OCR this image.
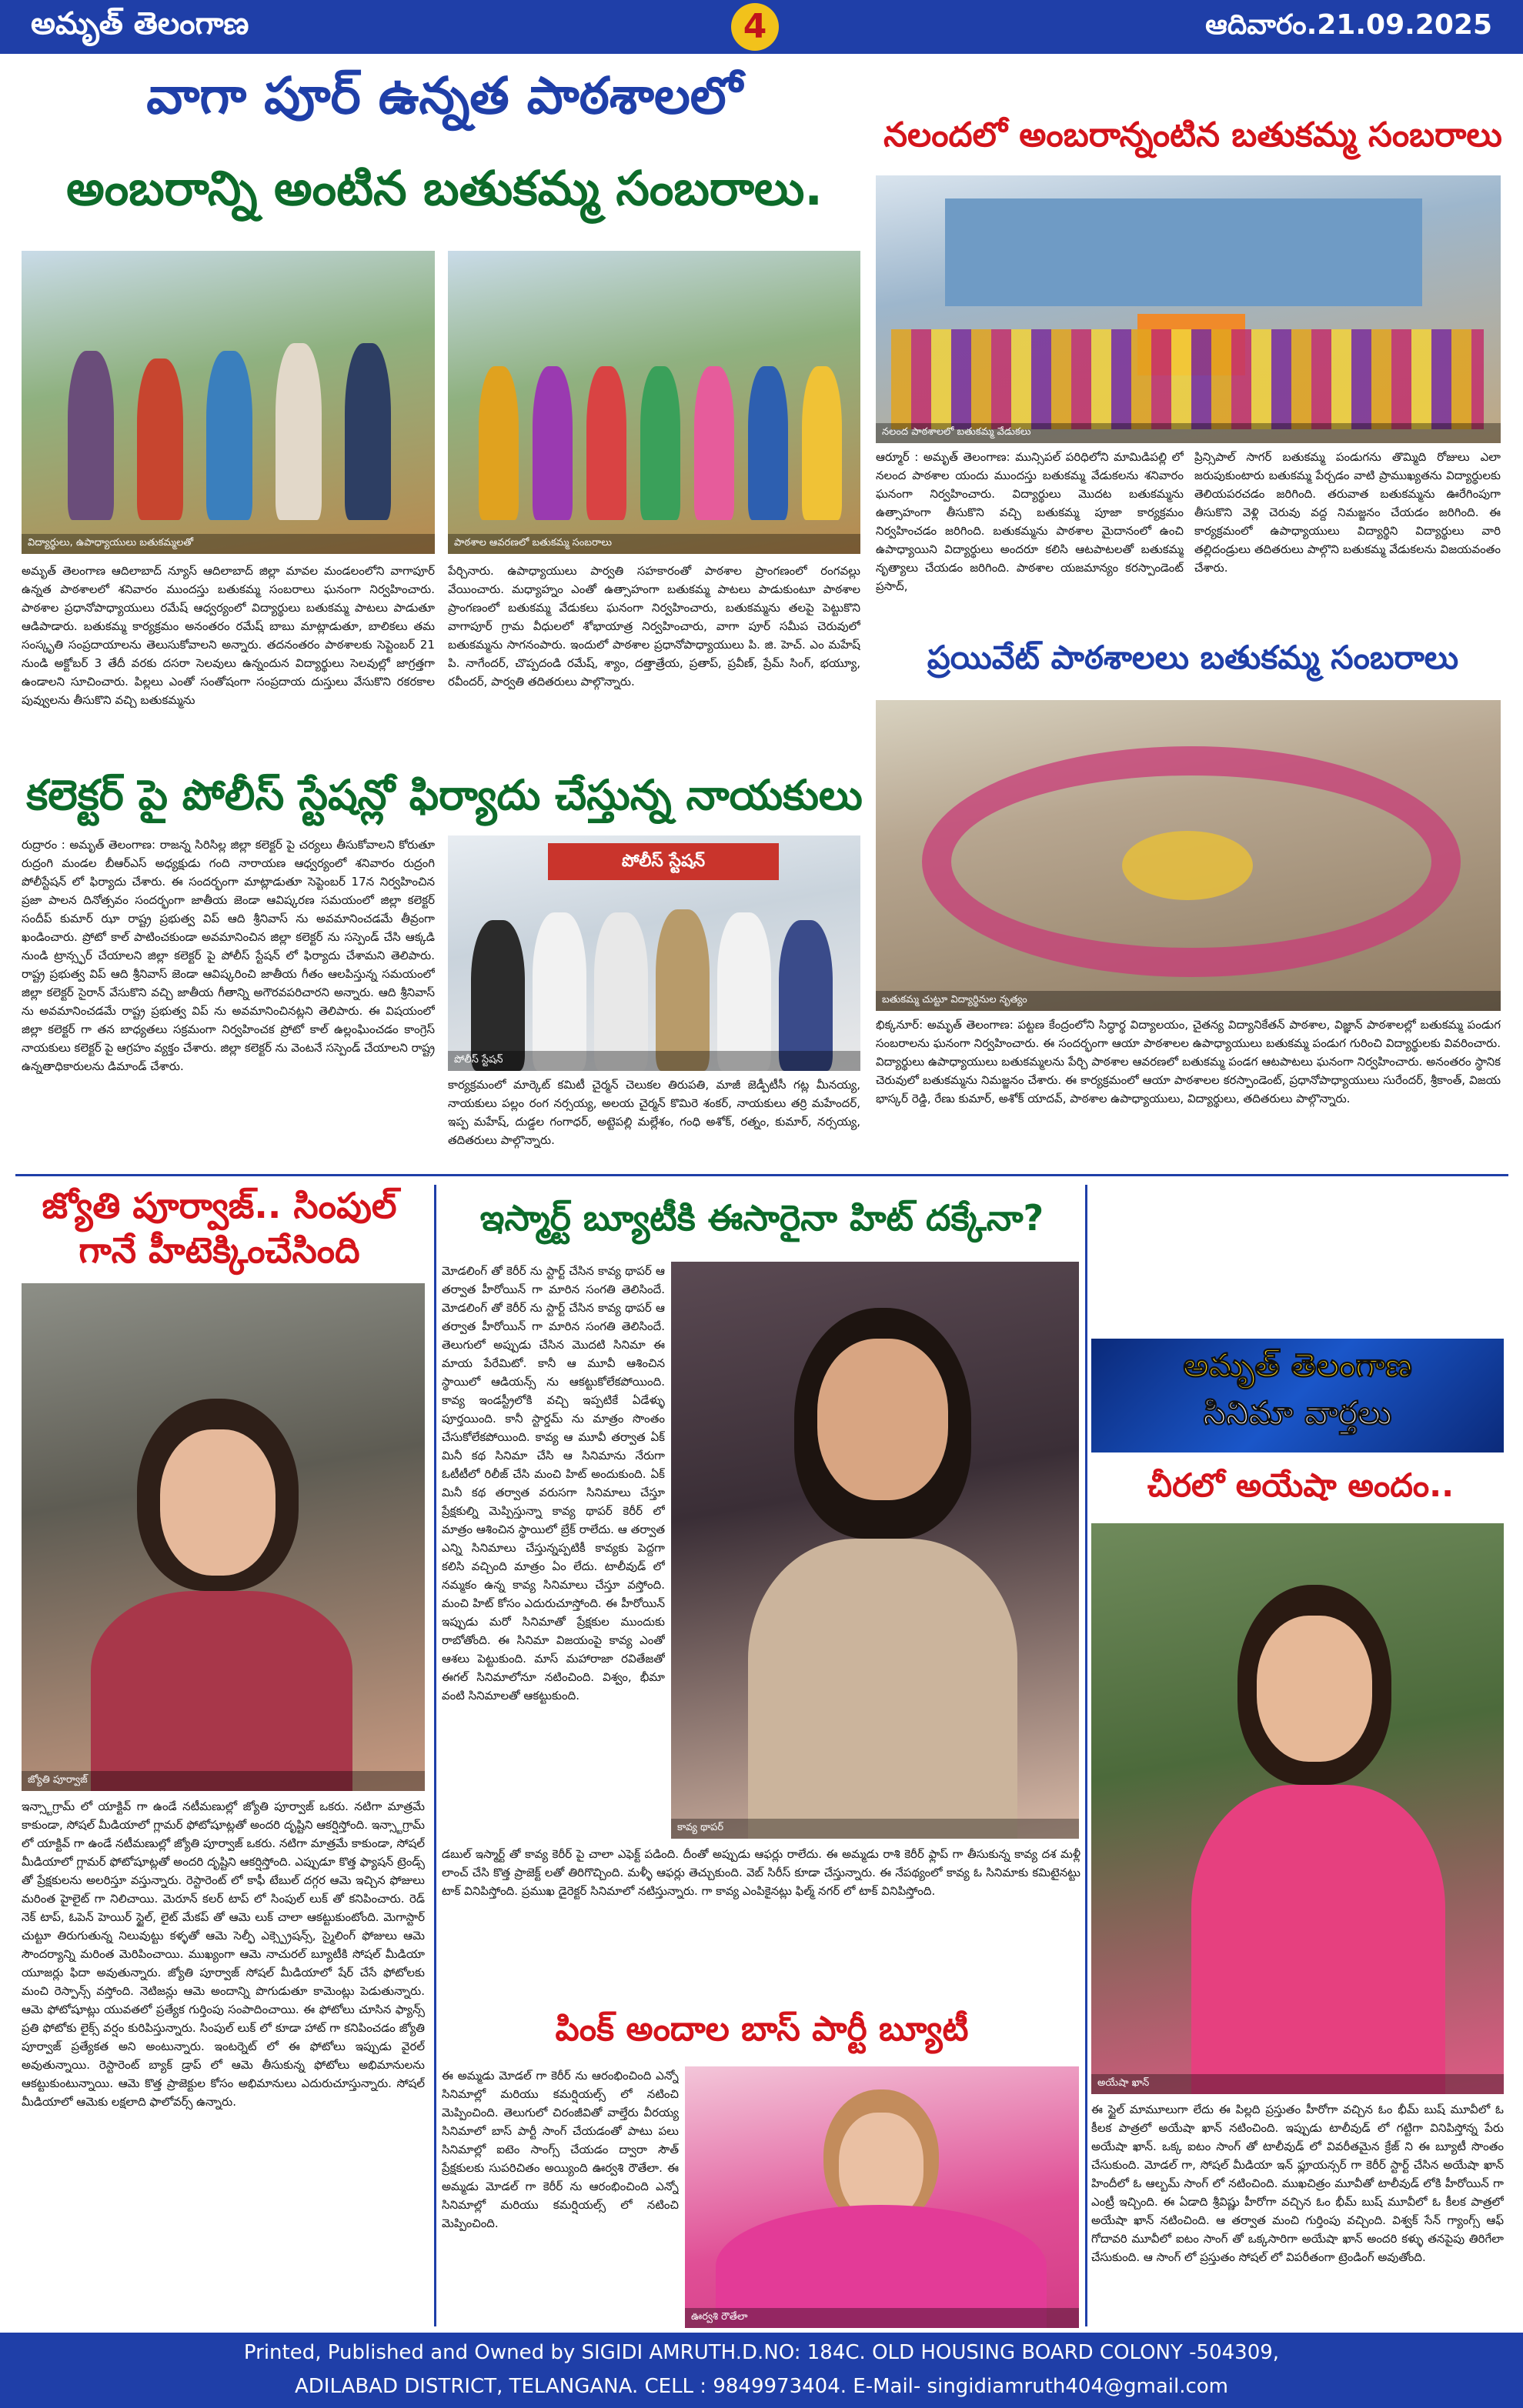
అమృత్ తెలంగాణ	4	ఆదివారం.21.09.2025
వాగా పూర్ ఉన్నత పాఠశాలలో
అంబరాన్ని అంటిన బతుకమ్మ సంబరాలు.
విద్యార్థులు, ఉపాధ్యాయులు బతుకమ్మలతో	పాఠశాల ఆవరణలో బతుకమ్మ సంబరాలు
అమృత్ తెలంగాణ ఆదిలాబాద్ న్యూస్ ఆదిలాబాద్ జిల్లా మావల మండలంలోని వాగాపూర్ ఉన్నత పాఠశాలలో శనివారం ముందస్తు బతుకమ్మ సంబరాలు ఘనంగా నిర్వహించారు. పాఠశాల ప్రధానోపాధ్యాయులు రమేష్ ఆధ్వర్యంలో విద్యార్థులు బతుకమ్మ పాటలు పాడుతూ ఆడిపాడారు. బతుకమ్మ కార్యక్రమం అనంతరం రమేష్ బాబు మాట్లాడుతూ, బాలికలు తమ సంస్కృతి సంప్రదాయాలను తెలుసుకోవాలని అన్నారు. తదనంతరం పాఠశాలకు సెప్టెంబర్ 21 నుండి అక్టోబర్ 3 తేదీ వరకు దసరా సెలవులు ఉన్నందున విద్యార్థులు సెలవుల్లో జాగ్రత్తగా ఉండాలని సూచించారు. పిల్లలు ఎంతో సంతోషంగా సంప్రదాయ దుస్తులు వేసుకొని రకరకాల పువ్వులను తీసుకొని వచ్చి బతుకమ్మను
పేర్చినారు. ఉపాధ్యాయులు పార్వతి సహకారంతో పాఠశాల ప్రాంగణంలో రంగవల్లు వేయించారు. మధ్యాహ్నం ఎంతో ఉత్సాహంగా బతుకమ్మ పాటలు పాడుకుంటూ పాఠశాల ప్రాంగణంలో బతుకమ్మ వేడుకలు ఘనంగా నిర్వహించారు, బతుకమ్మను తలపై పెట్టుకొని వాగాపూర్ గ్రామ వీధులలో శోభాయాత్ర నిర్వహించారు, వాగా పూర్ సమీప చెరువులో బతుకమ్మను సాగనంపారు. ఇందులో పాఠశాల ప్రధానోపాధ్యాయులు పి. జి. హెచ్. ఎం మహేష్ పి. నాగేందర్, చొప్పదండి రమేష్, శ్యాం, దత్తాత్రేయ, ప్రతాప్, ప్రవీణ్, ప్రేమ్ సింగ్, భయ్యూ, రవీందర్, పార్వతి తదితరులు పాల్గొన్నారు.
నలందలో అంబరాన్నంటిన బతుకమ్మ సంబరాలు
నలంద పాఠశాలలో బతుకమ్మ వేడుకలు
ఆర్మూర్ : అమృత్ తెలంగాణ: మున్సిపల్ పరిధిలోని మామిడిపల్లి లో నలంద పాఠశాల యందు ముందస్తు బతుకమ్మ వేడుకలను శనివారం ఘనంగా నిర్వహించారు. విద్యార్థులు మొదట బతుకమ్మను ఉత్సాహంగా తీసుకొని వచ్చి బతుకమ్మ పూజా కార్యక్రమం నిర్వహించడం జరిగింది. బతుకమ్మను పాఠశాల మైదానంలో ఉంచి ఉపాధ్యాయిని విద్యార్థులు అందరూ కలిసి ఆటపాటలతో బతుకమ్మ నృత్యాలు చేయడం జరిగింది. పాఠశాల యజమాన్యం కరస్పాండెంట్ ప్రసాద్,
ప్రిన్సిపాల్ సాగర్ బతుకమ్మ పండుగను తొమ్మిది రోజులు ఎలా జరుపుకుంటారు బతుకమ్మ పేర్చడం వాటి ప్రాముఖ్యతను విద్యార్థులకు తెలియపరచడం జరిగింది. తరువాత బతుకమ్మను ఊరేగింపుగా తీసుకొని వెళ్లి చెరువు వద్ద నిమజ్జనం చేయడం జరిగింది. ఈ కార్యక్రమంలో ఉపాధ్యాయులు విద్యార్థిని విద్యార్థులు వారి తల్లిదండ్రులు తదితరులు పాల్గొని బతుకమ్మ వేడుకలను విజయవంతం చేశారు.
ప్రయివేట్ పాఠశాలలు బతుకమ్మ సంబరాలు
బతుకమ్మ చుట్టూ విద్యార్థినుల నృత్యం
భిక్కనూర్: అమృత్ తెలంగాణ: పట్టణ కేంద్రంలోని సిద్ధార్థ విద్యాలయం, చైతన్య విద్యానికేతన్ పాఠశాల, విజ్ఞాన్ పాఠశాలల్లో బతుకమ్మ పండుగ సంబరాలను ఘనంగా నిర్వహించారు. ఈ సందర్భంగా ఆయా పాఠశాలల ఉపాధ్యాయులు బతుకమ్మ పండుగ గురించి విద్యార్థులకు వివరించారు. విద్యార్థులు ఉపాధ్యాయులు బతుకమ్మలను పేర్చి పాఠశాల ఆవరణలో బతుకమ్మ పండగ ఆటపాటలు ఘనంగా నిర్వహించారు. అనంతరం స్థానిక చెరువులో బతుకమ్మను నిమజ్జనం చేశారు. ఈ కార్యక్రమంలో ఆయా పాఠశాలల కరస్పాండెంట్, ప్రధానోపాధ్యాయులు సురేందర్, శ్రీకాంత్, విజయ భాస్కర్ రెడ్డి, రేణు కుమార్, అశోక్ యాదవ్, పాఠశాల ఉపాధ్యాయులు, విద్యార్థులు, తదితరులు పాల్గొన్నారు.
కలెక్టర్ పై పోలీస్ స్టేషన్లో ఫిర్యాదు చేస్తున్న నాయకులు
రుద్రారం : అమృత్ తెలంగాణ: రాజన్న సిరిసిల్ల జిల్లా కలెక్టర్ పై చర్యలు తీసుకోవాలని కోరుతూ రుద్రంగి మండల బీఆర్ఎస్ అధ్యక్షుడు గంది నారాయణ ఆధ్వర్యంలో శనివారం రుద్రంగి పోలీస్టేషన్ లో ఫిర్యాదు చేశారు. ఈ సందర్భంగా మాట్లాడుతూ సెప్టెంబర్ 17న నిర్వహించిన ప్రజా పాలన దినోత్సవం సందర్భంగా జాతీయ జెండా ఆవిష్కరణ సమయంలో జిల్లా కలెక్టర్ సందీప్ కుమార్ ఝా రాష్ట్ర ప్రభుత్వ విప్ ఆది శ్రీనివాస్ ను అవమానించడమే తీవ్రంగా ఖండించారు. ప్రోటో కాల్ పాటించకుండా అవమానించిన జిల్లా కలెక్టర్ ను సస్పెండ్ చేసి ఆక్కడి నుండి ట్రాన్స్ఫర్ చేయాలని జిల్లా కలెక్టర్ పై పోలీస్ స్టేషన్ లో ఫిర్యాదు చేశామని తెలిపారు. రాష్ట్ర ప్రభుత్వ విప్ ఆది శ్రీనివాస్ జెండా ఆవిష్కరించి జాతీయ గీతం ఆలపిస్తున్న సమయంలో జిల్లా కలెక్టర్ సైరాన్ వేసుకొని వచ్చి జాతీయ గీతాన్ని అగౌరవపరిచారని అన్నారు. ఆది శ్రీనివాస్ ను అవమానించడమే రాష్ట్ర ప్రభుత్వ విప్ ను అవమానించినట్లని తెలిపారు. ఈ విషయంలో జిల్లా కలెక్టర్ గా తన బాధ్యతలు సక్రమంగా నిర్వహించక ప్రోటో కాల్ ఉల్లంఘించడం కాంగ్రెస్ నాయకులు కలెక్టర్ పై ఆగ్రహం వ్యక్తం చేశారు. జిల్లా కలెక్టర్ ను వెంటనే సస్పెండ్ చేయాలని రాష్ట్ర ఉన్నతాధికారులను డిమాండ్ చేశారు.
పోలీస్ స్టేషన్
పోలీస్ స్టేషన్
కార్యక్రమంలో మార్కెట్ కమిటీ చైర్మన్ చెలుకల తిరుపతి, మాజీ జెడ్పీటీసీ గట్ల మీనయ్య, నాయకులు పల్లం రంగ నర్సయ్య, అలయ చైర్మన్ కొమిరె శంకర్, నాయకులు తర్రి మహేందర్, ఇప్ప మహేష్, దుడ్డల గంగాధర్, అట్టెపల్లి మల్లేశం, గంధి అశోక్, రత్నం, కుమార్, నర్సయ్య, తదితరులు పాల్గొన్నారు.
జ్యోతి పూర్వాజ్.. సింపుల్
గానే హీటెక్కించేసింది
జ్యోతి పూర్వాజ్
ఇన్స్టాగ్రామ్ లో యాక్టివ్ గా ఉండే నటీమణుల్లో జ్యోతి పూర్వాజ్ ఒకరు. నటిగా మాత్రమే కాకుండా, సోషల్ మీడియాలో గ్లామర్ ఫోటోషూట్లతో అందరి దృష్టిని ఆకర్షిస్తోంది. ఇన్స్టాగ్రామ్ లో యాక్టివ్ గా ఉండే నటీమణుల్లో జ్యోతి పూర్వాజ్ ఒకరు. నటిగా మాత్రమే కాకుండా, సోషల్ మీడియాలో గ్లామర్ ఫోటోషూట్లతో అందరి దృష్టిని ఆకర్షిస్తోంది. ఎప్పుడూ కొత్త ఫ్యాషన్ ట్రెండ్స్ తో ప్రేక్షకులను అలరిస్తూ వస్తున్నారు. రెస్టారెంట్ లో కాఫీ టేబుల్ దగ్గర ఆమె ఇచ్చిన ఫోజులు మరింత హైలైట్ గా నిలిచాయి. మెరూన్ కలర్ టాప్ లో సింపుల్ లుక్ తో కనిపించారు. రెడ్ నెక్ టాప్, ఓపెన్ హెయిర్ స్టైల్, లైట్ మేకప్ తో ఆమె లుక్ చాలా ఆకట్టుకుంటోంది. మెగాస్టార్ చుట్టూ తిరుగుతున్న నిలువుట్టు కళ్ళతో ఆమె సెల్ఫీ ఎక్స్ప్రెషన్స్, స్మైలింగ్ ఫోజులు ఆమె సౌందర్యాన్ని మరింత మెరిపించాయి. ముఖ్యంగా ఆమె నాచురల్ బ్యూటీకి సోషల్ మీడియా యూజర్లు ఫిదా అవుతున్నారు. జ్యోతి పూర్వాజ్ సోషల్ మీడియాలో షేర్ చేసే ఫోటోలకు మంచి రెస్పాన్స్ వస్తోంది. నెటిజన్లు ఆమె అందాన్ని పొగుడుతూ కామెంట్లు పెడుతున్నారు. ఆమె ఫోటోషూట్లు యువతలో ప్రత్యేక గుర్తింపు సంపాదించాయి. ఈ ఫోటోలు చూసిన ఫ్యాన్స్ ప్రతి ఫోటోకు లైక్స్ వర్షం కురిపిస్తున్నారు. సింపుల్ లుక్ లో కూడా హాట్ గా కనిపించడం జ్యోతి పూర్వాజ్ ప్రత్యేకత అని అంటున్నారు. ఇంటర్నెట్ లో ఈ ఫోటోలు ఇప్పుడు వైరల్ అవుతున్నాయి. రెస్టారెంట్ బ్యాక్ డ్రాప్ లో ఆమె తీసుకున్న ఫోటోలు అభిమానులను ఆకట్టుకుంటున్నాయి. ఆమె కొత్త ప్రాజెక్టుల కోసం అభిమానులు ఎదురుచూస్తున్నారు. సోషల్ మీడియాలో ఆమెకు లక్షలాది ఫాలోవర్స్ ఉన్నారు.
ఇస్మార్ట్ బ్యూటీకి ఈసారైనా హిట్ దక్కేనా?
మోడలింగ్ తో కెరీర్ ను స్టార్ట్ చేసిన కావ్య థాపర్ ఆ తర్వాత హీరోయిన్ గా మారిన సంగతి తెలిసిందే. మోడలింగ్ తో కెరీర్ ను స్టార్ట్ చేసిన కావ్య థాపర్ ఆ తర్వాత హీరోయిన్ గా మారిన సంగతి తెలిసిందే. తెలుగులో అప్పుడు చేసిన మొదటి సినిమా ఈ మాయ పేరేమిటో. కానీ ఆ మూవీ ఆశించిన స్థాయిలో ఆడియన్స్ ను ఆకట్టుకోలేకపోయింది. కావ్య ఇండస్ట్రీలోకి వచ్చి ఇప్పటికే ఏడేళ్ళు పూర్తయింది. కానీ స్టార్డమ్ ను మాత్రం సొంతం చేసుకోలేకపోయింది. కావ్య ఆ మూవీ తర్వాత ఏక్ మినీ కథ సినిమా చేసి ఆ సినిమాను నేరుగా ఓటీటీలో రిలీజ్ చేసి మంచి హిట్ అందుకుంది. ఏక్ మినీ కథ తర్వాత వరుసగా సినిమాలు చేస్తూ ప్రేక్షకుల్ని మెప్పిస్తున్నా కావ్య థాపర్ కెరీర్ లో మాత్రం ఆశించిన స్థాయిలో బ్రేక్ రాలేదు. ఆ తర్వాత ఎన్ని సినిమాలు చేస్తున్నప్పటికీ కావ్యకు పెద్దగా కలిసి వచ్చింది మాత్రం ఏం లేదు. టాలీవుడ్ లో నమ్మకం ఉన్న కావ్య సినిమాలు చేస్తూ వస్తోంది. మంచి హిట్ కోసం ఎదురుచూస్తోంది. ఈ హీరోయిన్ ఇప్పుడు మరో సినిమాతో ప్రేక్షకుల ముందుకు రాబోతోంది. ఈ సినిమా విజయంపై కావ్య ఎంతో ఆశలు పెట్టుకుంది. మాస్ మహారాజా రవితేజతో ఈగల్ సినిమాలోనూ నటించింది. విశ్వం, భీమా వంటి సినిమాలతో ఆకట్టుకుంది.
కావ్య థాపర్
డబుల్ ఇస్మార్ట్ తో కావ్య కెరీర్ పై చాలా ఎఫెక్ట్ పడింది. దీంతో అప్పుడు ఆఫర్లు రాలేదు. ఈ అమ్మడు రాశి కెరీర్ ఫ్లాప్ గా తీసుకున్న కావ్య దశ మళ్లీ లాంచ్ చేసి కొత్త ప్రాజెక్ట్ లతో తిరిగొచ్చింది. మళ్ళీ ఆఫర్లు తెచ్చుకుంది. వెబ్ సిరీస్ కూడా చేస్తున్నారు. ఈ నేపథ్యంలో కావ్య ఓ సినిమాకు కమిటైనట్టు టాక్ వినిపిస్తోంది. ప్రముఖ డైరెక్టర్ సినిమాలో నటిస్తున్నారు. గా కావ్య ఎంపికైనట్లు ఫిల్మ్ నగర్ లో టాక్ వినిపిస్తోంది.
పింక్ అందాల బాస్ పార్టీ బ్యూటీ
ఈ అమ్మడు మోడల్ గా కెరీర్ ను ఆరంభించింది ఎన్నో సినిమాల్లో మరియు కమర్షియల్స్ లో నటించి మెప్పించింది. తెలుగులో చిరంజీవితో వాల్తేరు వీరయ్య సినిమాలో బాస్ పార్టీ సాంగ్ చేయడంతో పాటు పలు సినిమాల్లో ఐటెం సాంగ్స్ చేయడం ద్వారా సౌత్ ప్రేక్షకులకు సుపరిచితం అయ్యింది ఊర్వశి రౌతేలా. ఈ అమ్మడు మోడల్ గా కెరీర్ ను ఆరంభించింది ఎన్నో సినిమాల్లో మరియు కమర్షియల్స్ లో నటించి మెప్పించింది.
ఊర్వశి రౌతేలా
అమృత్ తెలంగాణ
సినిమా వార్తలు
చీరలో అయేషా అందం..
అయేషా ఖాన్
ఈ స్టైల్ మామూలుగా లేదు ఈ పిల్లది ప్రస్తుతం హీరోగా వచ్చిన ఓం భీమ్ బుష్ మూవీలో ఓ కీలక పాత్రలో అయేషా ఖాన్ నటించింది. ఇప్పుడు టాలీవుడ్ లో గట్టిగా వినిపిస్తోన్న పేరు అయేషా ఖాన్. ఒక్క ఐటం సాంగ్ తో టాలీవుడ్ లో వివరీతమైన క్రేజ్ ని ఈ బ్యూటీ సొంతం చేసుకుంది. మోడల్ గా, సోషల్ మీడియా ఇన్ ఫ్లూయన్సర్ గా కెరీర్ స్టార్ట్ చేసిన అయేషా ఖాన్ హిందీలో ఓ ఆల్బమ్ సాంగ్ లో నటించింది. ముఖచిత్రం మూవీతో టాలీవుడ్ లోకి హీరోయిన్ గా ఎంట్రీ ఇచ్చింది. ఈ ఏడాది శ్రీవిష్ణు హీరోగా వచ్చిన ఓం భీమ్ బుష్ మూవీలో ఓ కీలక పాత్రలో అయేషా ఖాన్ నటించింది. ఆ తర్వాత మంచి గుర్తింపు వచ్చింది. విశ్వక్ సేన్ గ్యాంగ్స్ ఆఫ్ గోదావరి మూవీలో ఐటం సాంగ్ తో ఒక్కసారిగా అయేషా ఖాన్ అందరి కళ్ళు తనపైపు తిరిగేలా చేసుకుంది. ఆ సాంగ్ లో ప్రస్తుతం సోషల్ లో విపరీతంగా ట్రెండింగ్ అవుతోంది.
Printed, Published and Owned by SIGIDI AMRUTH.D.NO: 184C. OLD HOUSING BOARD COLONY -504309,
ADILABAD DISTRICT, TELANGANA. CELL : 9849973404. E-Mail- singidiamruth404@gmail.com
